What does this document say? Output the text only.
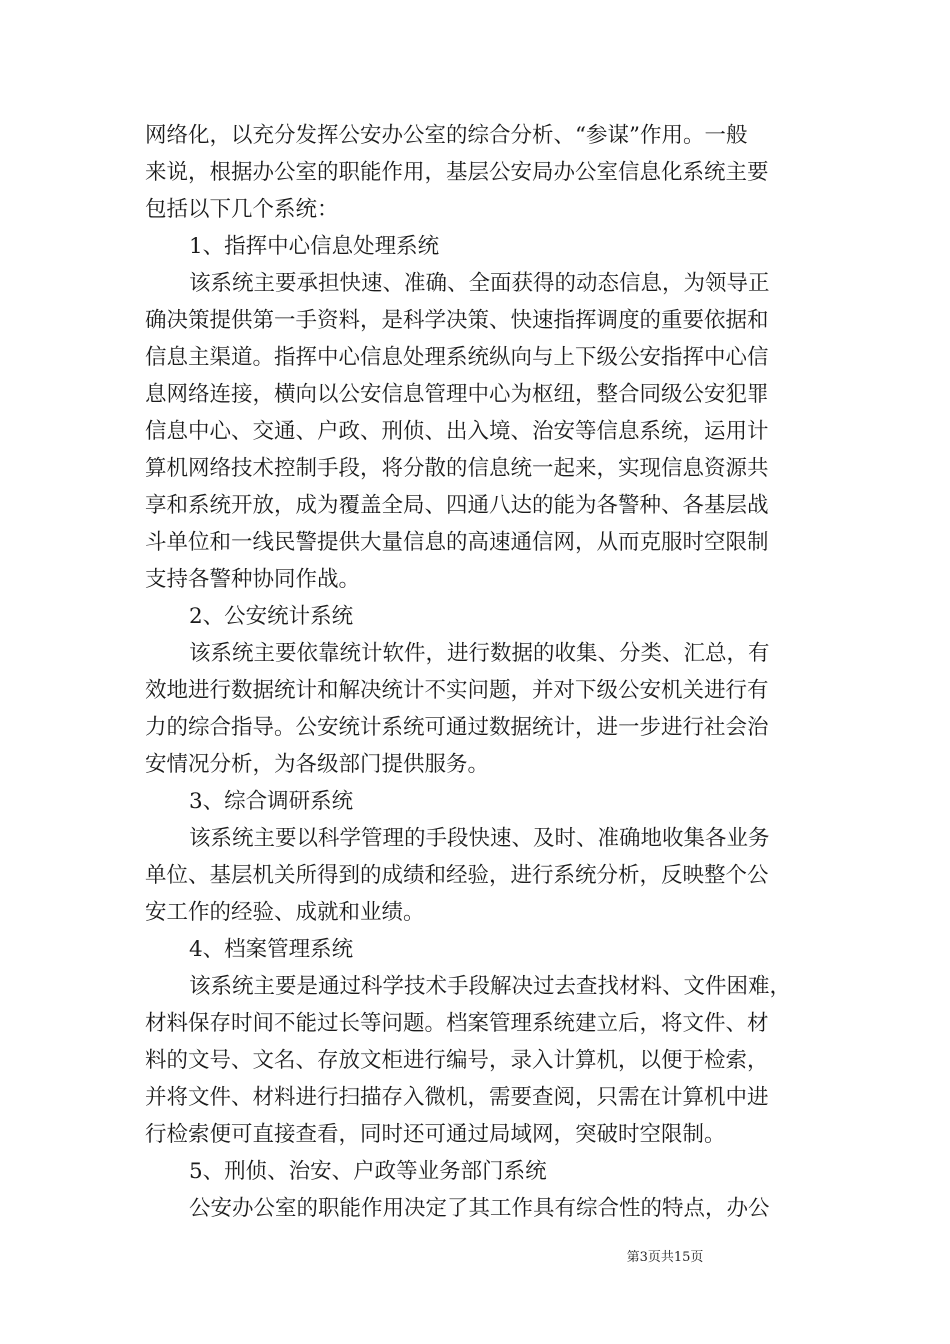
网络化，以充分发挥公安办公室的综合分析、“参谋”作用。一般
来说，根据办公室的职能作用，基层公安局办公室信息化系统主要
包括以下几个系统：
1、指挥中心信息处理系统
该系统主要承担快速、准确、全面获得的动态信息，为领导正
确决策提供第一手资料，是科学决策、快速指挥调度的重要依据和
信息主渠道。指挥中心信息处理系统纵向与上下级公安指挥中心信
息网络连接，横向以公安信息管理中心为枢纽，整合同级公安犯罪
信息中心、交通、户政、刑侦、出入境、治安等信息系统，运用计
算机网络技术控制手段，将分散的信息统一起来，实现信息资源共
享和系统开放，成为覆盖全局、四通八达的能为各警种、各基层战
斗单位和一线民警提供大量信息的高速通信网，从而克服时空限制
支持各警种协同作战。
2、公安统计系统
该系统主要依靠统计软件，进行数据的收集、分类、汇总，有
效地进行数据统计和解决统计不实问题，并对下级公安机关进行有
力的综合指导。公安统计系统可通过数据统计，进一步进行社会治
安情况分析，为各级部门提供服务。
3、综合调研系统
该系统主要以科学管理的手段快速、及时、准确地收集各业务
单位、基层机关所得到的成绩和经验，进行系统分析，反映整个公
安工作的经验、成就和业绩。
4、档案管理系统
该系统主要是通过科学技术手段解决过去查找材料、文件困难，
材料保存时间不能过长等问题。档案管理系统建立后，将文件、材
料的文号、文名、存放文柜进行编号，录入计算机，以便于检索，
并将文件、材料进行扫描存入微机，需要查阅，只需在计算机中进
行检索便可直接查看，同时还可通过局域网，突破时空限制。
5、刑侦、治安、户政等业务部门系统
公安办公室的职能作用决定了其工作具有综合性的特点，办公
第3页共15页
